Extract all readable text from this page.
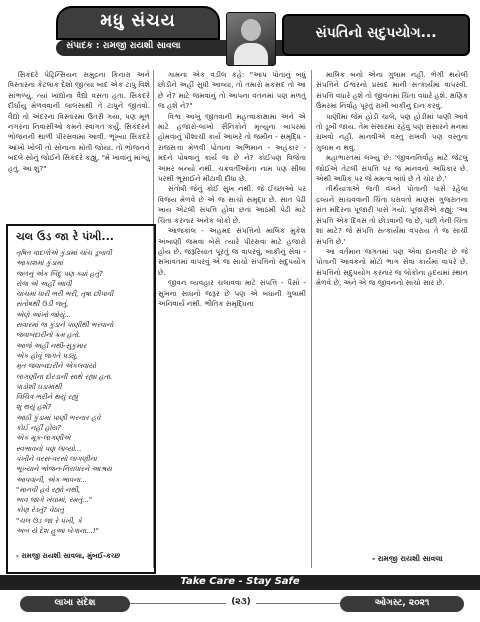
મધુ સંચય
સંપાદક : રામજી રાયશી સાવલા
સંપતિનો સદુપયોગ...

સિકંદરે પેટ્રિન્સિયન સમુદ્રના કિનારા અને વિસ્તારના કેટલાક દેશો જીત્યા બાદ એક ટાપુ વિશે સાંભળ્યું. ત્યાં ખાદ્યોના વૈદ્યો વસતા હતા. સિકંદરે દીર્ઘાયુ મેળવવાની લાલસાથી તે ટાપુને જીતવો. વૈદ્યો તો અંદરના વિસ્તારમાં ઉતરી ગયા, પણ મૂળ નગરના નિવાસીઓ કમને સ્વાગત કર્યું. સિકંદરને ભોજનની થાળી પીરસવામાં આવી. ભૂખ્યા સિકંદરે આંખો ખોલી તો સોનાના મોતી જોયા. તો ભોજનને બદલે સોનું જોઈને સિકંદરે કહ્યું, "મેં ખાવાનું માંગ્યું હતું. આ શું?"

ચલ ઉડ જા રે પંખી...
તૃષિત વાદળોએ કુંડામાં ચાંચ ડૂબાવી
આકાશમાં કુંડામાં
જળનું એક બિંદુ પણ ક્યાં હતું?
રોજ એ અહીં આવી
ચાંચમાં ધારી ભરી ભરી, તૃષા છીપાવી
સંતોષથી ઉડી જતું,
એણે આંખો જોયું...
સવારમાં જ કુંડાને પાણીથી ભરવાનો
જવાબદારીનો ક્રમ હતો.
આજે અહીં નથી-સુકુમાર
એક હોવું જગતે પડ્યું,
મૃત જવાબદારીને એકલવાયો
લાગણીના દોરડાની સાથે રહ્યા હતા.
પાડોશી ઘડામાંથી
વિચિત્ર ભરીને થયું રહ્યું
શું થયું હશે?
આઠી કુંડામાં પાણી ભરનાર હવે
કોઈ નહીં હોય?
એક મૂક-લાગણીએ
સ્વભાવનો પણ લાવ્યો...
પંખીને વરસ-વરસો લાગણીના
ભૂખ્યાને ભોજન-નિરાધારને આશ્રય
આપવાની, એક ભાવના...
"માનવી હવે રહ્યો નથી,
ભાવ જાગે ખંઘામાં, રમતું..."
કોણ રેડતું? વેઠાતું
"ચલ ઉડ જા રે પંખી, કે
અબ યે દેશ હુઆ બેગાના...!"
- રામજી રાયશી સાવલા, મુંબઈ-કચ્છ

ગામના એક વડીલ કહે: "આપ પોતાનું બધું છોડીને અહીં સુધી આવ્યા, તો તમારો મકસદ તો આ છે ને? માટે જમવાનું તો આપના વતનમાં પણ મળતું જ હશે ને?"

વિશ્વ આખું જીતવાની મહત્વાકાંક્ષામાં અને એ માટે હજારો-લાખો સૈનિકોને મૃત્યુના બાપરમાં હોમવાનું પીશાચી કાર્ય આખરે તો જમીન - સમૃદ્ધિ - રાજસત્તા મેળવી પોતાના અભિમાન - અહંકાર - મદને પોષવાનું કાર્ય જ છે ને? કોઈપણ વિજેતા અમર બન્યો નથી. ચક્રવર્તીઓના નામ પણ સીલા પરથી ભૂંસાઈને મીટાવી દીધા છે.

સંતોષી જેનું કોઈ સુખ નથી. જે ઈચ્છાઓ પર વિજય મેળવે છે એ જ સાચો સમૃદ્ધ છે. સાત પેઢી ખાય એટલી સંપત્તિ હોવા છતાં આઠમી પેઢી માટે ચિંતા કરનાર અનેક લોકો છે.

આજકાલ - અહમદ સંપત્તિનો માલિક મુકેશ અંબાણી જમવા બેસે ત્યારે પીરસવા માટે હજારો હોય છે. જરૂરિયાત પૂરતું જ વાપરવું, બાકીનું સેવા - સખાવતમાં વાપરવું એ જ સાચો સંપત્તિનો સદુપયોગ છે.

જીવન વ્યવહાર ચલાવવા માટે સંપત્તિ - પૈસો - સુખના સાધનો જરૂર છે પણ એ બધાની ગુલામી અનિવાર્ય નથી. ભૌતિક સમૃદ્ધિના

માલિક બનો એના ગુલામ નહીં. ભેગી થયેલી સંપત્તિને ઈશ્વરનો પ્રસાદ માની સત્કાર્યમાં વાપરવી. સંપત્તિ વધારે હશે તો જીવનમાં ચિંતા વધારે હશે. ક્ષણિક ઉંમરમાં નિર્વાહ પૂરતું રાખી બાકીનું દાન કરવું.

પાણીમાં જેમ હોડી ચાલે, પણ હોડીમાં પાણી આવે તો ડૂબી જાય. તેમ સંસારમાં રહેવું પણ સંસારને મનમાં રાખવો નહીં. માનવીએ વસ્તુ રાખવી પણ વસ્તુના ગુલામ ન થવું.

મહાભારતમાં લખ્યું છે: 'જીવનનિર્વાહ માટે જેટલું જોઈએ તેટલી સંપત્તિ પર જ માનવનો અધિકાર છે. એથી અધિક પર જે મમત્વ બાંધે છે તે ચોર છે.'

તીર્થયાત્રાએ જતી વખતે પોતાની પાસે રહેલા દ્રવ્યને સાચવવાની ચિંતા ધરાવતો માણસ ગુજરાતના સંત મંદિરના પૂજારી પાસે ગયો. પૂજારીએ કહ્યું: 'આ સંપત્તિ એક દિવસ તો છોડવાની જ છે, પછી તેની ચિંતા શા માટે? જે સંપત્તિ સત્કાર્યમાં વપરાય તે જ સાચી સંપત્તિ છે.'

આ વર્તમાન જગતમાં પણ એવા દાનવીર છે જે પોતાની આવકનો મોટો ભાગ સેવા કાર્યમાં વાપરે છે. સંપત્તિનો સદુપયોગ કરનાર જ લોકોના હૃદયમાં સ્થાન મેળવે છે, અને એ જ જીવનનો સાચો સાર છે.

- રામજી રાયશી સાવલા
Take Care - Stay Safe
લાખા સંદેશ	(૨૩)	ઓગસ્ટ, ૨૦૨૧
